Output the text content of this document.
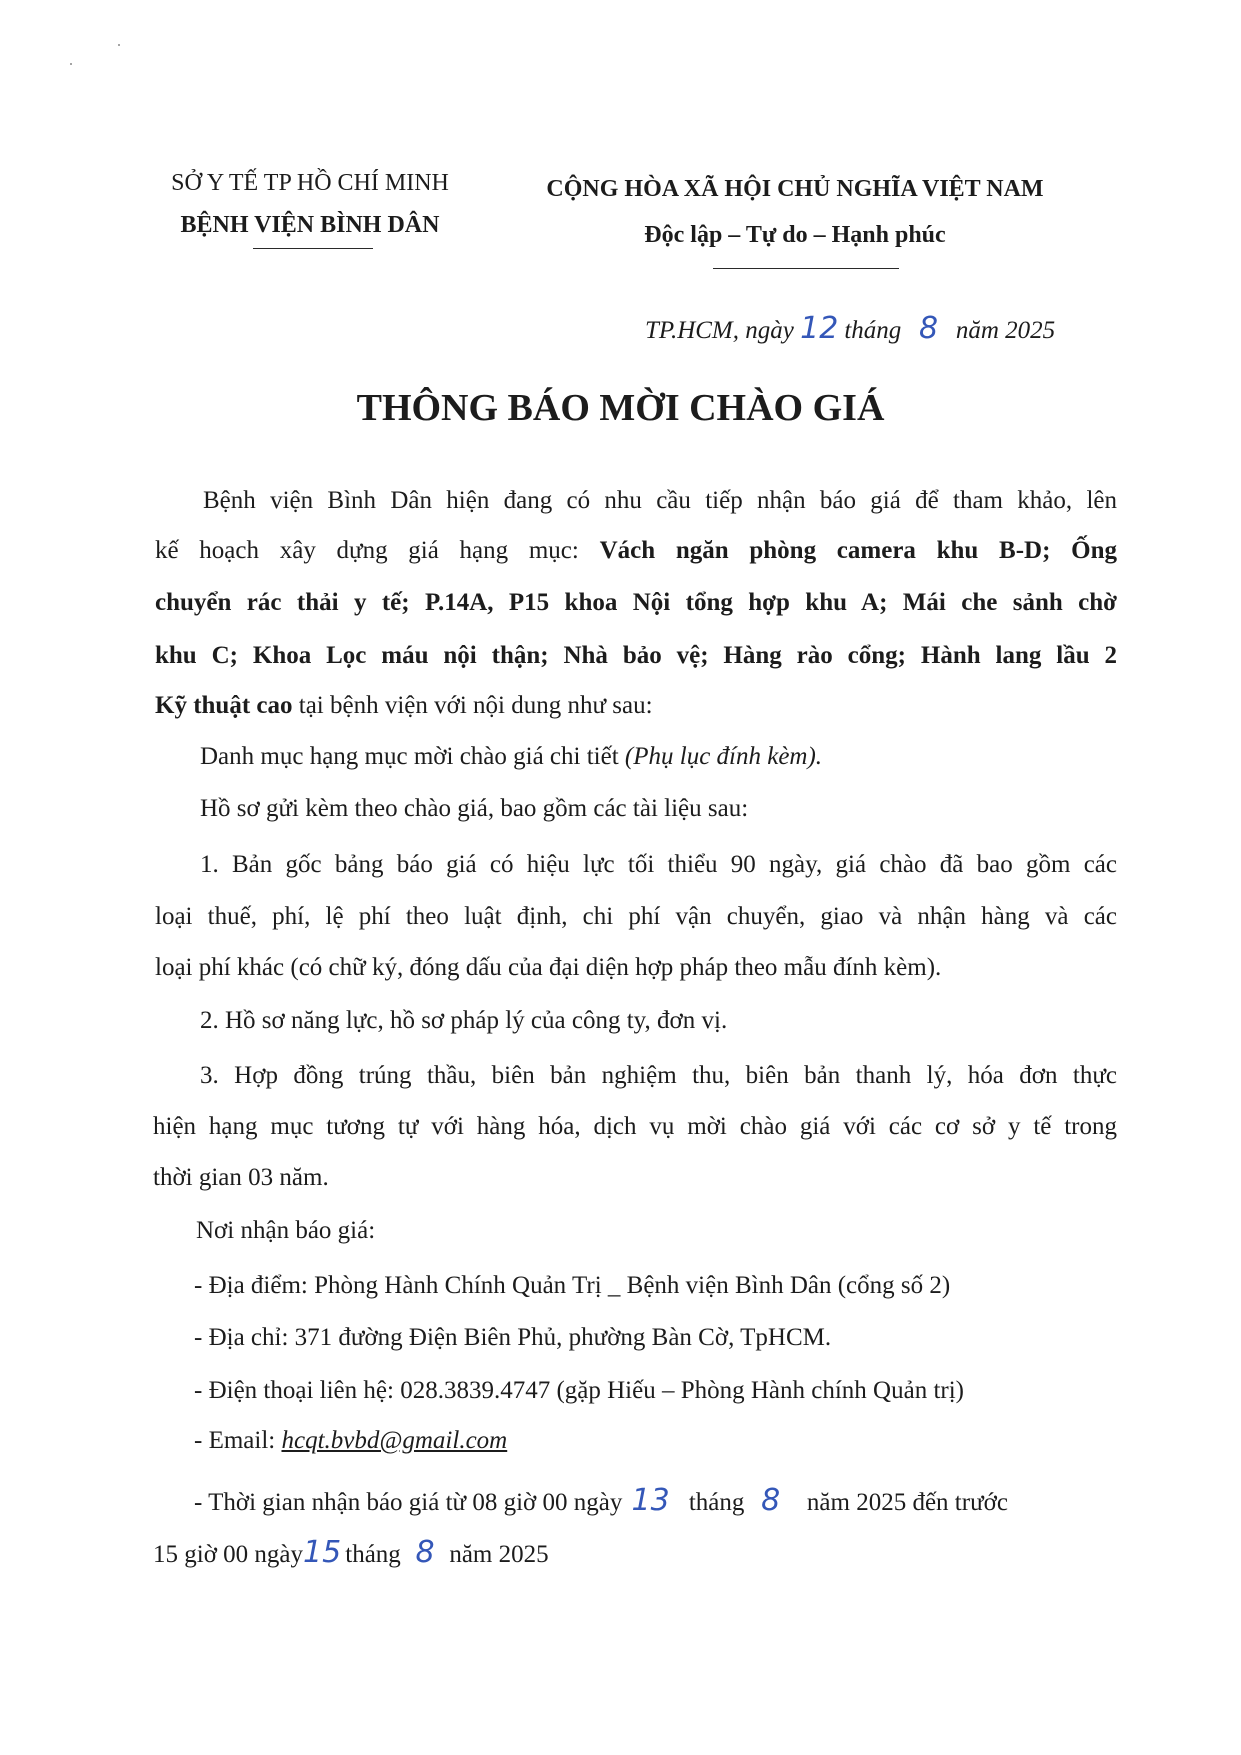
SỞ Y TẾ TP HỒ CHÍ MINH
BỆNH VIỆN BÌNH DÂN
CỘNG HÒA XÃ HỘI CHỦ NGHĨA VIỆT NAM
Độc lập – Tự do – Hạnh phúc
TP.HCM, ngày 12 tháng 8 năm 2025
THÔNG BÁO MỜI CHÀO GIÁ
Bệnh viện Bình Dân hiện đang có nhu cầu tiếp nhận báo giá để tham khảo, lên
kế hoạch xây dựng giá hạng mục: Vách ngăn phòng camera khu B-D; Ống
chuyển rác thải y tế; P.14A, P15 khoa Nội tổng hợp khu A; Mái che sảnh chờ
khu C; Khoa Lọc máu nội thận; Nhà bảo vệ; Hàng rào cổng; Hành lang lầu 2
Kỹ thuật cao tại bệnh viện với nội dung như sau:
Danh mục hạng mục mời chào giá chi tiết (Phụ lục đính kèm).
Hồ sơ gửi kèm theo chào giá, bao gồm các tài liệu sau:
1. Bản gốc bảng báo giá có hiệu lực tối thiểu 90 ngày, giá chào đã bao gồm các
loại thuế, phí, lệ phí theo luật định, chi phí vận chuyển, giao và nhận hàng và các
loại phí khác (có chữ ký, đóng dấu của đại diện hợp pháp theo mẫu đính kèm).
2. Hồ sơ năng lực, hồ sơ pháp lý của công ty, đơn vị.
3. Hợp đồng trúng thầu, biên bản nghiệm thu, biên bản thanh lý, hóa đơn thực
hiện hạng mục tương tự với hàng hóa, dịch vụ mời chào giá với các cơ sở y tế trong
thời gian 03 năm.
Nơi nhận báo giá:
- Địa điểm: Phòng Hành Chính Quản Trị _ Bệnh viện Bình Dân (cổng số 2)
- Địa chỉ: 371 đường Điện Biên Phủ, phường Bàn Cờ, TpHCM.
- Điện thoại liên hệ: 028.3839.4747 (gặp Hiếu – Phòng Hành chính Quản trị)
- Email: hcqt.bvbd@gmail.com
- Thời gian nhận báo giá từ 08 giờ 00 ngày 13 tháng 8 năm 2025 đến trước
15 giờ 00 ngày15 tháng 8 năm 2025
